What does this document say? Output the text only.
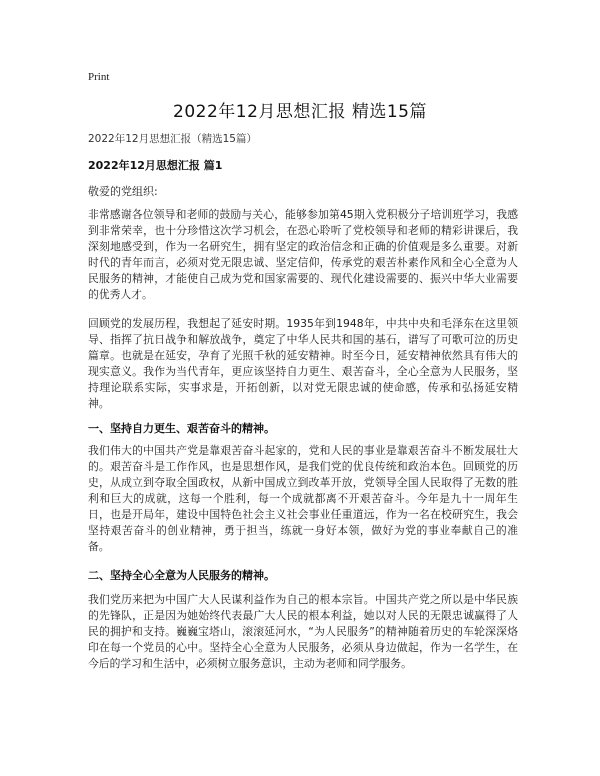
Print
2022年12月思想汇报 精选15篇
2022年12月思想汇报（精选15篇）
2022年12月思想汇报 篇1
敬爱的党组织:

非常感谢各位领导和老师的鼓励与关心，能够参加第45期入党积极分子培训班学习，我感到非常荣幸，也十分珍惜这次学习机会，在恐心聆听了党校领导和老师的精彩讲课后，我深刻地感受到，作为一名研究生，拥有坚定的政治信念和正确的价值观是多么重要。对新时代的青年而言，必须对党无限忠诚、坚定信仰，传承党的艰苦朴素作风和全心全意为人民服务的精神，才能使自己成为党和国家需要的、现代化建设需要的、振兴中华大业需要的优秀人才。

回顾党的发展历程，我想起了延安时期。1935年到1948年，中共中央和毛泽东在这里领导、指挥了抗日战争和解放战争，奠定了中华人民共和国的基石，谱写了可歌可泣的历史篇章。也就是在延安，孕育了光照千秋的延安精神。时至今日，延安精神依然具有伟大的现实意义。我作为当代青年，更应该坚持自力更生、艰苦奋斗，全心全意为人民服务，坚持理论联系实际，实事求是，开拓创新，以对党无限忠诚的使命感，传承和弘扬延安精神。

一、坚持自力更生、艰苦奋斗的精神。

我们伟大的中国共产党是靠艰苦奋斗起家的，党和人民的事业是靠艰苦奋斗不断发展壮大的。艰苦奋斗是工作作风，也是思想作风，是我们党的优良传统和政治本色。回顾党的历史，从成立到夺取全国政权，从新中国成立到改革开放，党领导全国人民取得了无数的胜利和巨大的成就，这每一个胜利，每一个成就都离不开艰苦奋斗。今年是九十一周年生日，也是开局年，建设中国特色社会主义社会事业任重道远，作为一名在校研究生，我会坚持艰苦奋斗的创业精神，勇于担当，练就一身好本领，做好为党的事业奉献自己的准备。

二、坚持全心全意为人民服务的精神。

我们党历来把为中国广大人民谋利益作为自己的根本宗旨。中国共产党之所以是中华民族的先锋队，正是因为她始终代表最广大人民的根本利益，她以对人民的无限忠诚赢得了人民的拥护和支持。巍巍宝塔山，滚滚延河水，“为人民服务”的精神随着历史的车轮深深烙印在每一个党员的心中。坚持全心全意为人民服务，必须从身边做起，作为一名学生，在今后的学习和生活中，必须树立服务意识，主动为老师和同学服务。
